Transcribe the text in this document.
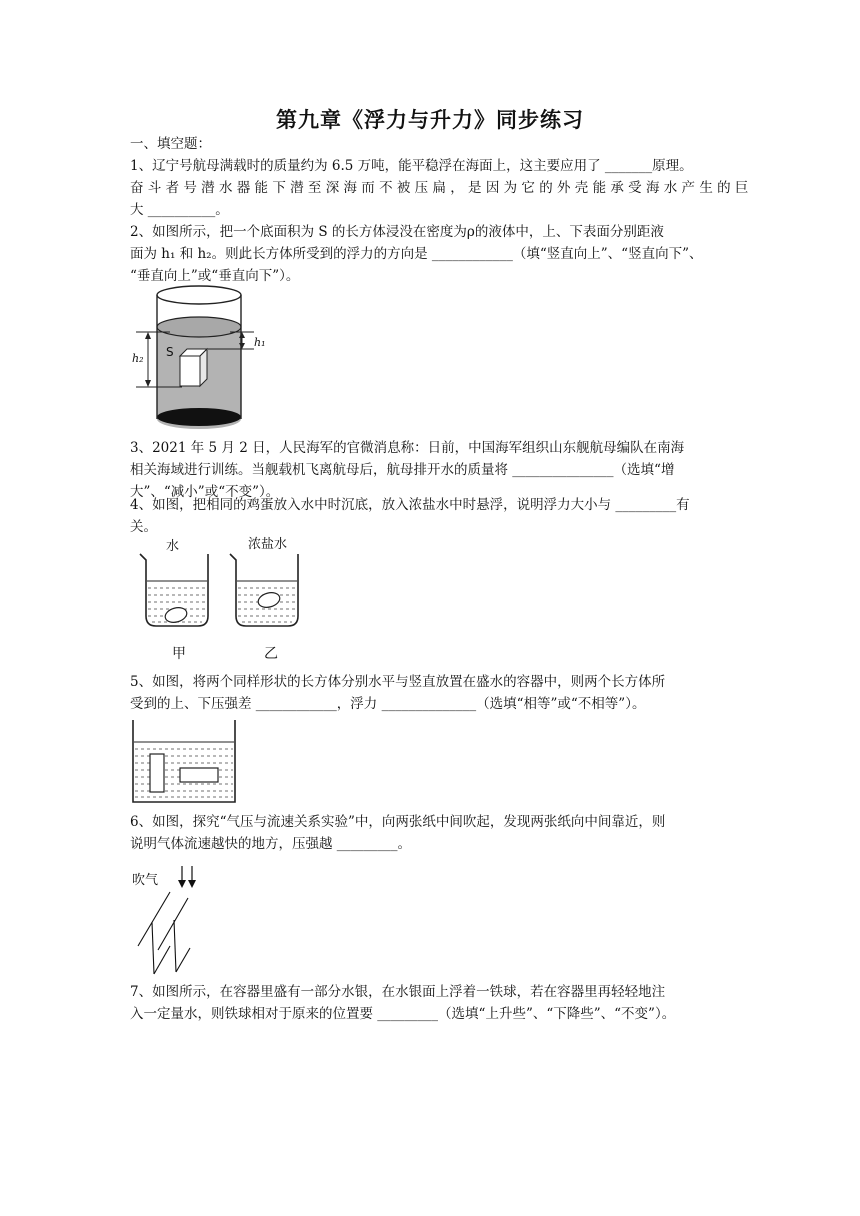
第九章《浮力与升力》同步练习
一、填空题：
1、辽宁号航母满载时的质量约为 6.5 万吨，能平稳浮在海面上，这主要应用了 _______原理。
奋 斗 者 号 潜 水 器 能 下 潜 至 深 海 而 不 被 压 扁 ， 是 因 为 它 的 外 壳 能 承 受 海 水 产 生 的 巨
大 __________。
2、如图所示，把一个底面积为 S 的长方体浸没在密度为ρ的液体中，上、下表面分别距液
面为 h₁ 和 h₂。则此长方体所受到的浮力的方向是 ____________（填“竖直向上”、“竖直向下”、
“垂直向上”或“垂直向下”）。
S
h₁
h₂
3、2021 年 5 月 2 日，人民海军的官微消息称：日前，中国海军组织山东舰航母编队在南海
相关海域进行训练。当舰载机飞离航母后，航母排开水的质量将 _______________（选填“增
大”、“减小”或“不变”）。
4、如图，把相同的鸡蛋放入水中时沉底，放入浓盐水中时悬浮，说明浮力大小与 _________有
关。
水	浓盐水
甲	乙
5、如图，将两个同样形状的长方体分别水平与竖直放置在盛水的容器中，则两个长方体所
受到的上、下压强差 ____________，浮力 ______________（选填“相等”或“不相等”）。
6、如图，探究“气压与流速关系实验”中，向两张纸中间吹起，发现两张纸向中间靠近，则
说明气体流速越快的地方，压强越 _________。
吹气
7、如图所示，在容器里盛有一部分水银，在水银面上浮着一铁球，若在容器里再轻轻地注
入一定量水，则铁球相对于原来的位置要 _________（选填“上升些”、“下降些”、“不变”）。
